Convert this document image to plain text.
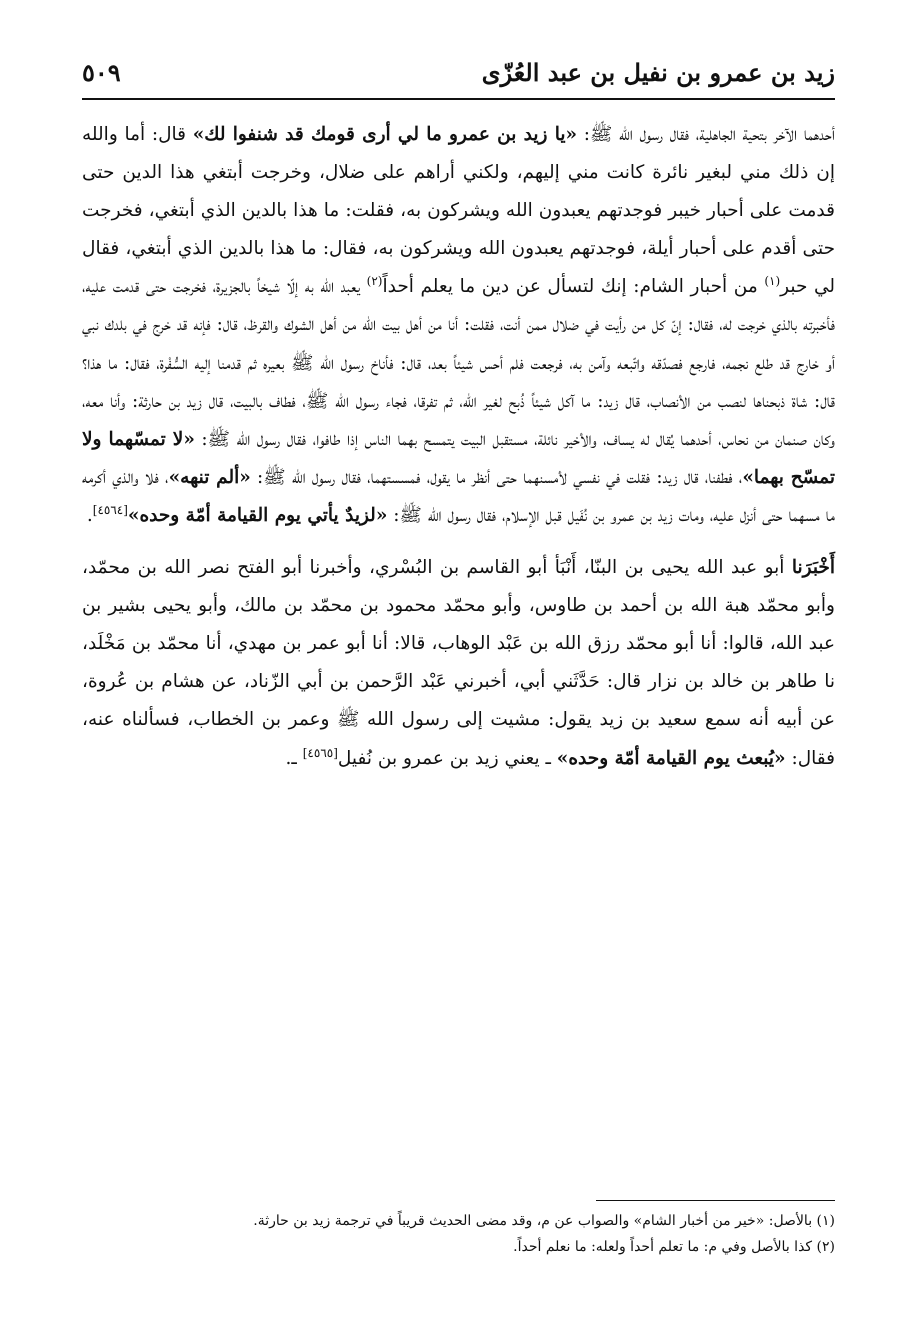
زيد بن عمرو بن نفيل بن عبد العُزّى
٥٠٩

أحدهما الآخر بتحية الجاهلية، فقال رسول الله ﷺ: «يا زيد بن عمرو ما لي أرى قومك قد شنفوا لك» قال: أما والله إن ذلك مني لبغير نائرة كانت مني إليهم، ولكني أراهم على ضلال، وخرجت أبتغي هذا الدين حتى قدمت على أحبار خيبر فوجدتهم يعبدون الله ويشركون به، فقلت: ما هذا بالدين الذي أبتغي، فخرجت حتى أقدم على أحبار أيلة، فوجدتهم يعبدون الله ويشركون به، فقال: ما هذا بالدين الذي أبتغي، فقال لي حبر$^{(١)}$ من أحبار الشام: إنك لتسأل عن دين ما يعلم أحداً$^{(٢)}$ يعبد الله به إلّا شيخاً بالجزيرة، فخرجت حتى قدمت عليه، فأخبرته بالذي خرجت له، فقال: إنّ كل من رأيت في ضلال ممن أنت، فقلت: أنا من أهل بيت الله من أهل الشوك والقرظ، قال: فإنه قد خرج في بلدك نبي أو خارج قد طلع نجمه، فارجع فصدّقه واتّبعه وآمن به، فرجعت فلم أحس شيئاً بعد، قال: فأناخ رسول الله ﷺ بعيره ثم قدمنا إليه السُّفْرة، فقال: ما هذا؟ قال: شاة ذبحناها لنصب من الأنصاب، قال زيد: ما آكل شيئاً ذُبح لغير الله، ثم تفرقا، فجاء رسول الله ﷺ، فطاف بالبيت، قال زيد بن حارثة: وأنا معه، وكان صنمان من نحاس، أحدهما يُقال له يساف، والأخير نائلة، مستقبل البيت يتمسح بهما الناس إذا طافوا، فقال رسول الله ﷺ: «لا تمسّهما ولا تمسّح بهما»، فطفنا، قال زيد: فقلت في نفسي لأمسنهما حتى أنظر ما يقول، فمسستهما، فقال رسول الله ﷺ: «ألم تنهه»، فلا والذي أكرمه ما مسهما حتى أنزل عليه، ومات زيد بن عمرو بن نُفَيل قبل الإسلام، فقال رسول الله ﷺ: «لزيدٌ يأتي يوم القيامة أمّة وحده»[٤٥٦٤].

أَخْبَرَنا أبو عبد الله يحيى بن البنّا، أَنْبَأ أبو القاسم بن البُسْري، وأخبرنا أبو الفتح نصر الله بن محمّد، وأبو محمّد هبة الله بن أحمد بن طاوس، وأبو محمّد محمود بن محمّد بن مالك، وأبو يحيى بشير بن عبد الله، قالوا: أنا أبو محمّد رزق الله بن عَبْد الوهاب، قالا: أنا أبو عمر بن مهدي، أنا محمّد بن مَخْلَد، نا طاهر بن خالد بن نزار قال: حَدَّثَني أبي، أخبرني عَبْد الرَّحمن بن أبي الزّناد، عن هشام بن عُروة، عن أبيه أنه سمع سعيد بن زيد يقول: مشيت إلى رسول الله ﷺ وعمر بن الخطاب، فسألناه عنه، فقال: «يُبعث يوم القيامة أمّة وحده» ـ يعني زيد بن عمرو بن نُفيل[٤٥٦٥] ـ.

(١) بالأصل: «خير من أخبار الشام» والصواب عن م، وقد مضى الحديث قريباً في ترجمة زيد بن حارثة.

(٢) كذا بالأصل وفي م: ما تعلم أحداً ولعله: ما نعلم أحداً.
